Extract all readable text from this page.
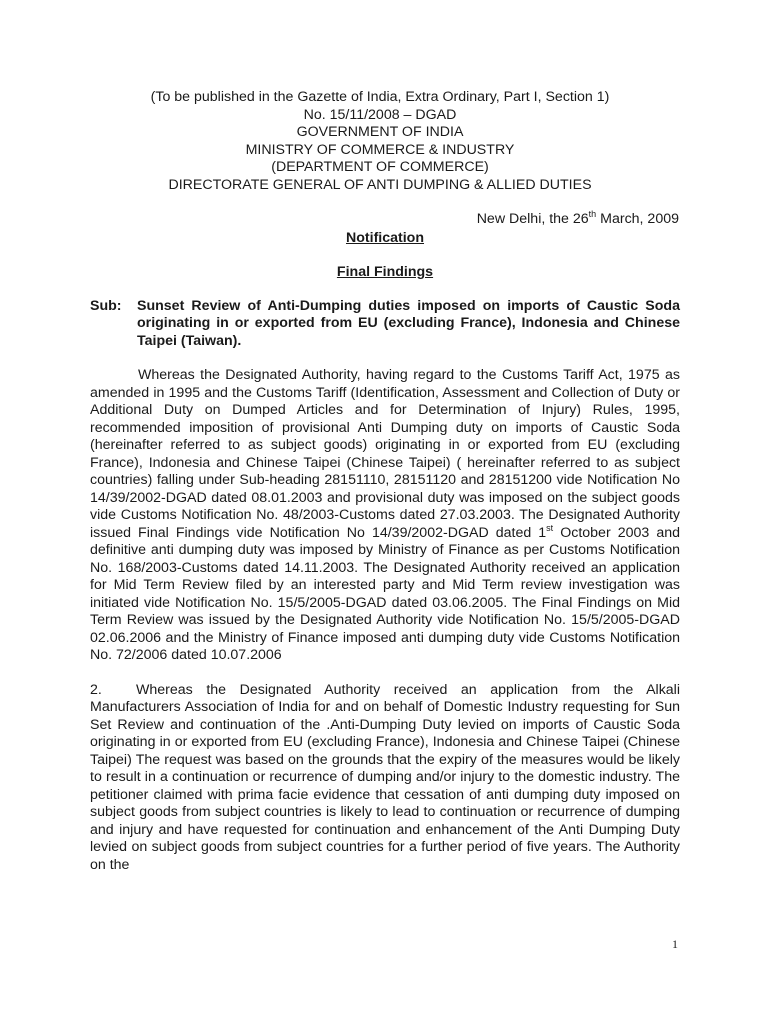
(To be published in the Gazette of India, Extra Ordinary, Part I, Section 1)
No. 15/11/2008 – DGAD
GOVERNMENT OF INDIA
MINISTRY OF COMMERCE & INDUSTRY
(DEPARTMENT OF COMMERCE)
DIRECTORATE GENERAL OF ANTI DUMPING & ALLIED DUTIES
New Delhi, the 26th March, 2009
Notification
Final Findings
Sub:	Sunset Review of Anti-Dumping duties imposed on imports of Caustic Soda originating in or exported from EU (excluding France), Indonesia and Chinese Taipei (Taiwan).
Whereas the Designated Authority, having regard to the Customs Tariff Act, 1975 as amended in 1995 and the Customs Tariff (Identification, Assessment and Collection of Duty or Additional Duty on Dumped Articles and for Determination of Injury) Rules, 1995, recommended imposition of provisional Anti Dumping duty on imports of Caustic Soda (hereinafter referred to as subject goods) originating in or exported from EU (excluding France), Indonesia and Chinese Taipei (Chinese Taipei) ( hereinafter referred to as subject countries) falling under Sub-heading 28151110, 28151120 and 28151200 vide Notification No 14/39/2002-DGAD dated 08.01.2003 and provisional duty was imposed on the subject goods vide Customs Notification No. 48/2003-Customs dated 27.03.2003. The Designated Authority issued Final Findings vide Notification No 14/39/2002-DGAD dated 1st October 2003 and definitive anti dumping duty was imposed by Ministry of Finance as per Customs Notification No. 168/2003-Customs dated 14.11.2003. The Designated Authority received an application for Mid Term Review filed by an interested party and Mid Term review investigation was initiated vide Notification No. 15/5/2005-DGAD dated 03.06.2005. The Final Findings on Mid Term Review was issued by the Designated Authority vide Notification No. 15/5/2005-DGAD 02.06.2006 and the Ministry of Finance imposed anti dumping duty vide Customs Notification No. 72/2006 dated 10.07.2006
2. Whereas the Designated Authority received an application from the Alkali Manufacturers Association of India for and on behalf of Domestic Industry requesting for Sun Set Review and continuation of the .Anti-Dumping Duty levied on imports of Caustic Soda originating in or exported from EU (excluding France), Indonesia and Chinese Taipei (Chinese Taipei) The request was based on the grounds that the expiry of the measures would be likely to result in a continuation or recurrence of dumping and/or injury to the domestic industry. The petitioner claimed with prima facie evidence that cessation of anti dumping duty imposed on subject goods from subject countries is likely to lead to continuation or recurrence of dumping and injury and have requested for continuation and enhancement of the Anti Dumping Duty levied on subject goods from subject countries for a further period of five years. The Authority on the
1
